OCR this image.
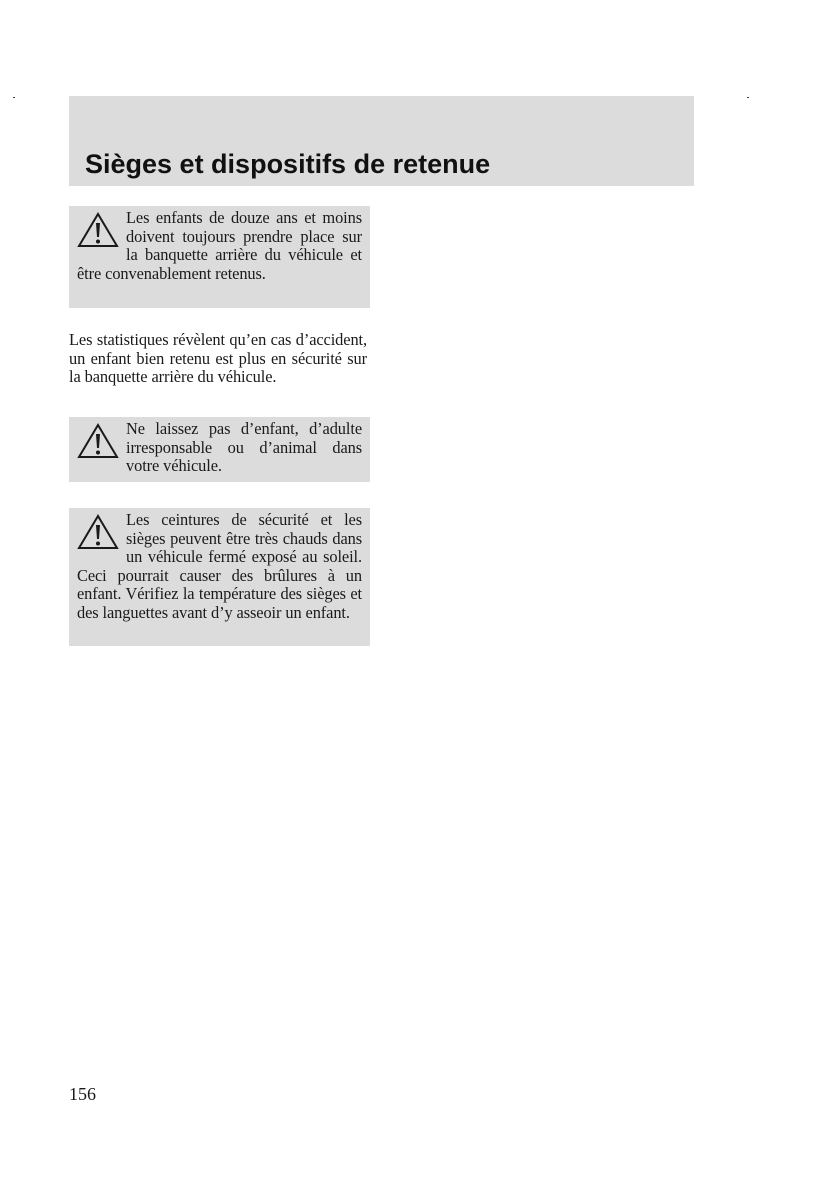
Sièges et dispositifs de retenue
Les enfants de douze ans et moins doivent toujours prendre place sur la banquette arrière du véhicule et être convenablement retenus.

Les statistiques révèlent qu’en cas d’accident, un enfant bien retenu est plus en sécurité sur la banquette arrière du véhicule.

Ne laissez pas d’enfant, d’adulte irresponsable ou d’animal dans votre véhicule.
Les ceintures de sécurité et les sièges peuvent être très chauds dans un véhicule fermé exposé au soleil. Ceci pourrait causer des brûlures à un enfant. Vérifiez la température des sièges et des languettes avant d’y asseoir un enfant.
156
